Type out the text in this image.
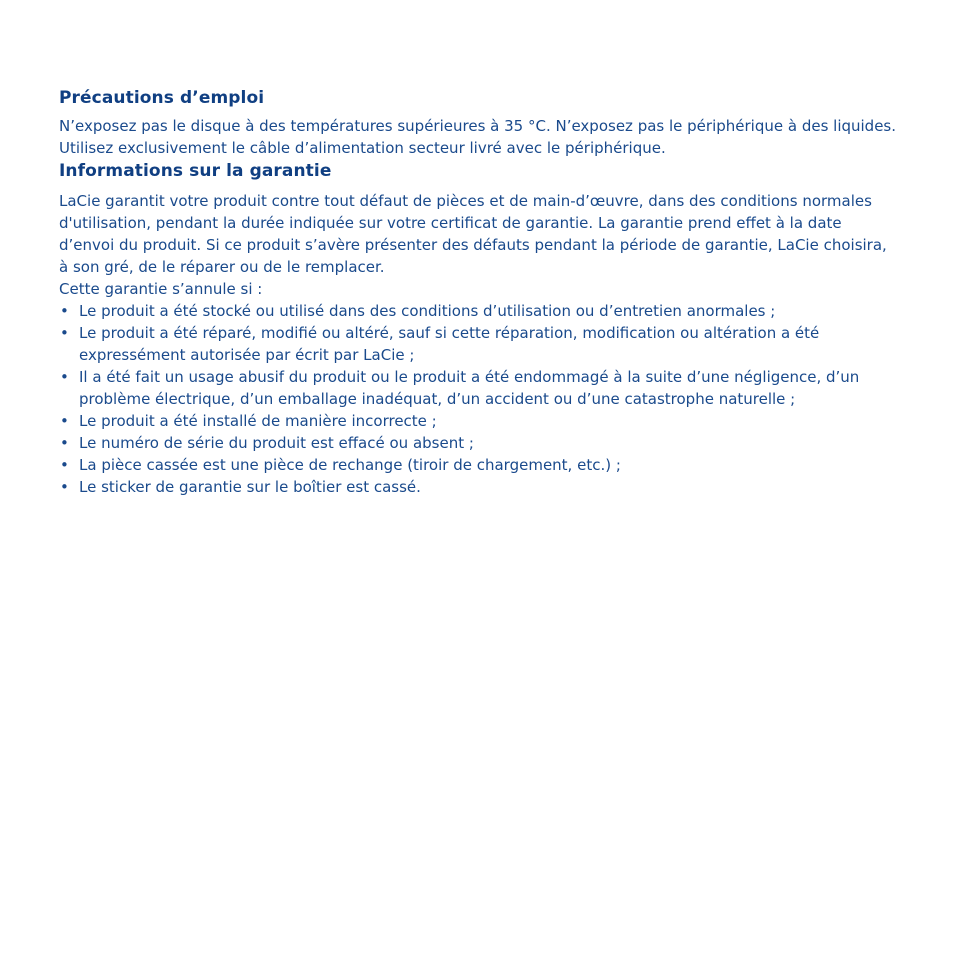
Précautions d’emploi

N’exposez pas le disque à des températures supérieures à 35 °C. N’exposez pas le périphérique à des liquides. Utilisez exclusivement le câble d’alimentation secteur livré avec le périphérique.

Informations sur la garantie

LaCie garantit votre produit contre tout défaut de pièces et de main-d’œuvre, dans des conditions normales d'utilisation, pendant la durée indiquée sur votre certificat de garantie. La garantie prend effet à la date d’envoi du produit. Si ce produit s’avère présenter des défauts pendant la période de garantie, LaCie choisira, à son gré, de le réparer ou de le remplacer.

Cette garantie s’annule si :

• Le produit a été stocké ou utilisé dans des conditions d’utilisation ou d’entretien anormales ;
• Le produit a été réparé, modifié ou altéré, sauf si cette réparation, modification ou altération a été expressément autorisée par écrit par LaCie ;
• Il a été fait un usage abusif du produit ou le produit a été endommagé à la suite d’une négligence, d’un problème électrique, d’un emballage inadéquat, d’un accident ou d’une catastrophe naturelle ;
• Le produit a été installé de manière incorrecte ;
• Le numéro de série du produit est effacé ou absent ;
• La pièce cassée est une pièce de rechange (tiroir de chargement, etc.) ;
• Le sticker de garantie sur le boîtier est cassé.
